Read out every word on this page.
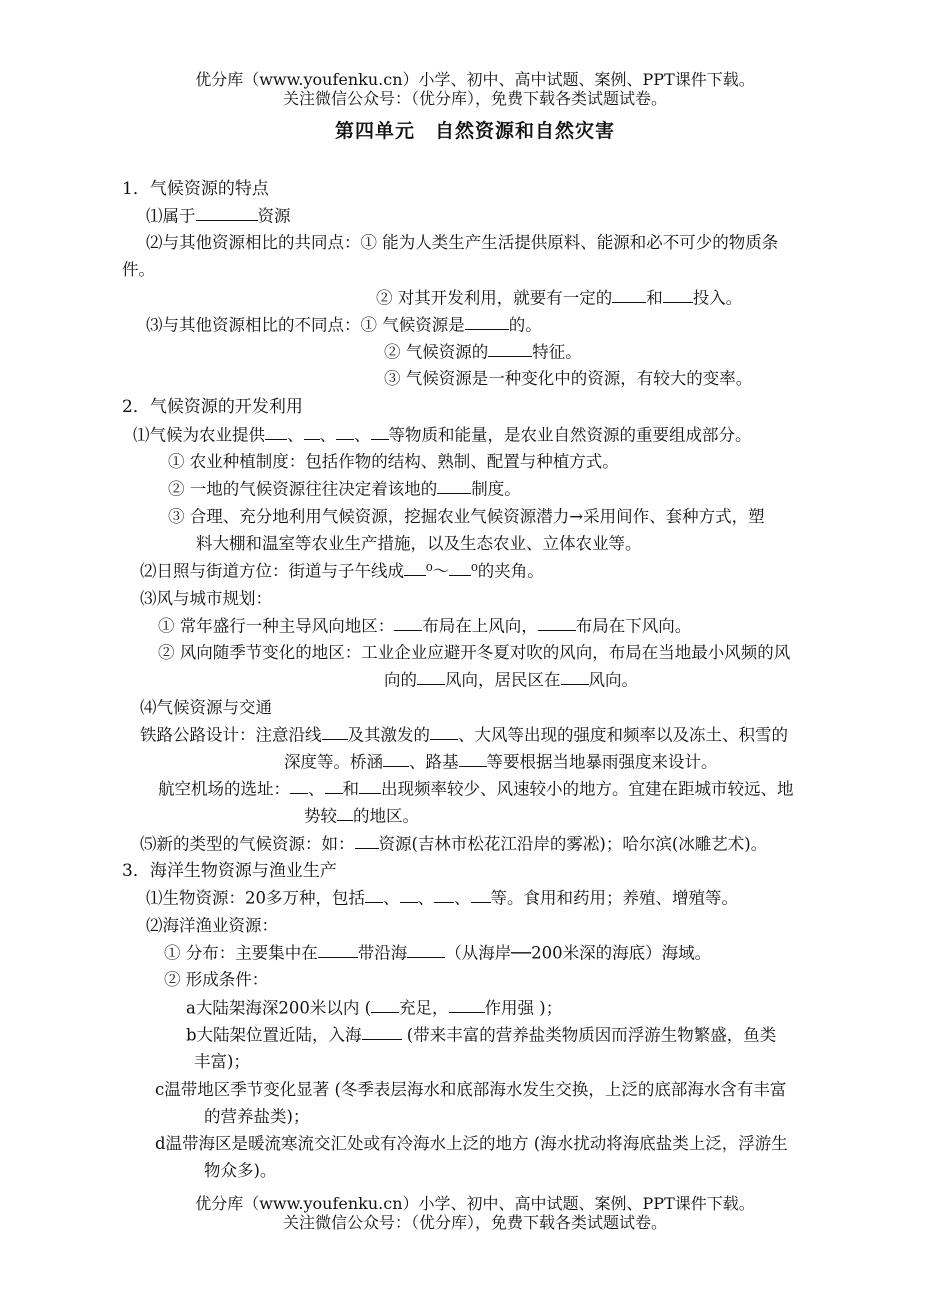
优分库（www.youfenku.cn）小学、初中、高中试题、案例、PPT课件下载。
关注微信公众号：（优分库），免费下载各类试题试卷。
第四单元　自然资源和自然灾害
1．气候资源的特点
⑴属于	资源
⑵与其他资源相比的共同点：① 能为人类生产生活提供原料、能源和必不可少的物质条
件。
② 对其开发利用，就要有一定的 和 投入。
⑶与其他资源相比的不同点：① 气候资源是	的。
② 气候资源的	特征。
③ 气候资源是一种变化中的资源，有较大的变率。
2．气候资源的开发利用
⑴气候为农业提供 、 、 、 等物质和能量，是农业自然资源的重要组成部分。
① 农业种植制度：包括作物的结构、熟制、配置与种植方式。
② 一地的气候资源往往决定着该地的 制度。
③ 合理、充分地利用气候资源，挖掘农业气候资源潜力→采用间作、套种方式，塑
料大棚和温室等农业生产措施，以及生态农业、立体农业等。
⑵日照与街道方位：街道与子午线成 ⁰～ ⁰的夹角。
⑶风与城市规划：
① 常年盛行一种主导风向地区： 布局在上风向， 布局在下风向。
② 风向随季节变化的地区：工业企业应避开冬夏对吹的风向，布局在当地最小风频的风
向的 风向，居民区在 风向。
⑷气候资源与交通
铁路公路设计：注意沿线 及其激发的 、大风等出现的强度和频率以及冻土、积雪的
深度等。桥涵 、路基 等要根据当地暴雨强度来设计。
航空机场的选址： 、 和 出现频率较少、风速较小的地方。宜建在距城市较远、地
势较 的地区。
⑸新的类型的气候资源：如： 资源(吉林市松花江沿岸的雾凇)；哈尔滨(冰雕艺术)。
3．海洋生物资源与渔业生产
⑴生物资源：20多万种，包括 、 、 、 等。食用和药用；养殖、增殖等。
⑵海洋渔业资源：
① 分布：主要集中在 带沿海 （从海岸──200米深的海底）海域。
② 形成条件：
a大陆架海深200米以内 ( 充足， 作用强 )；
b大陆架位置近陆，入海 (带来丰富的营养盐类物质因而浮游生物繁盛，鱼类
丰富)；
c温带地区季节变化显著 (冬季表层海水和底部海水发生交换，上泛的底部海水含有丰富
的营养盐类)；
d温带海区是暖流寒流交汇处或有冷海水上泛的地方 (海水扰动将海底盐类上泛，浮游生
物众多)。
优分库（www.youfenku.cn）小学、初中、高中试题、案例、PPT课件下载。
关注微信公众号：（优分库），免费下载各类试题试卷。
